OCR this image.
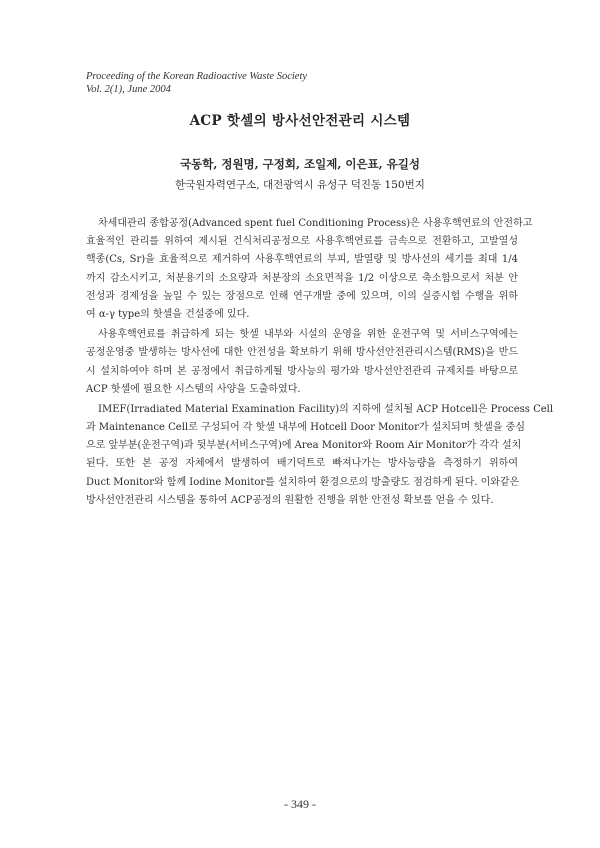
Proceeding of the Korean Radioactive Waste Society
Vol. 2(1), June 2004
ACP 핫셀의 방사선안전관리 시스템
국동학, 정원명, 구정회, 조일제, 이은표, 유길성
한국원자력연구소, 대전광역시 유성구 덕진동 150번지
차세대관리 종합공정(Advanced spent fuel Conditioning Process)은 사용후핵연료의 안전하고
효율적인 관리를 위하여 제시된 건식처리공정으로 사용후핵연료를 금속으로 전환하고, 고발열성
핵종(Cs, Sr)을 효율적으로 제거하여 사용후핵연료의 부피, 발열량 및 방사선의 세기를 최대 1/4
까지 감소시키고, 처분용기의 소요량과 처분장의 소요면적을 1/2 이상으로 축소함으로서 처분 안
전성과 경제성을 높일 수 있는 장점으로 인해 연구개발 중에 있으며, 이의 실증시험 수행을 위하
여 α-γ type의 핫셀을 건설중에 있다.
사용후핵연료를 취급하게 되는 핫셀 내부와 시설의 운영을 위한 운전구역 및 서비스구역에는
공정운영중 발생하는 방사선에 대한 안전성을 확보하기 위해 방사선안전관리시스템(RMS)을 반드
시 설치하여야 하며 본 공정에서 취급하게될 방사능의 평가와 방사선안전관리 규제치를 바탕으로
ACP 핫셀에 필요한 시스템의 사양을 도출하였다.
IMEF(Irradiated Material Examination Facility)의 지하에 설치될 ACP Hotcell은 Process Cell
과 Maintenance Cell로 구성되어 각 핫셀 내부에 Hotcell Door Monitor가 설치되며 핫셀을 중심
으로 앞부분(운전구역)과 뒷부분(서비스구역)에 Area Monitor와 Room Air Monitor가 각각 설치
된다. 또한 본 공정 자체에서 발생하여 배기덕트로 빠져나가는 방사능량을 측정하기 위하여
Duct Monitor와 함께 Iodine Monitor를 설치하여 환경으로의 방출량도 점검하게 된다. 이와같은
방사선안전관리 시스템을 통하여 ACP공정의 원활한 진행을 위한 안전성 확보를 얻을 수 있다.
- 349 -
